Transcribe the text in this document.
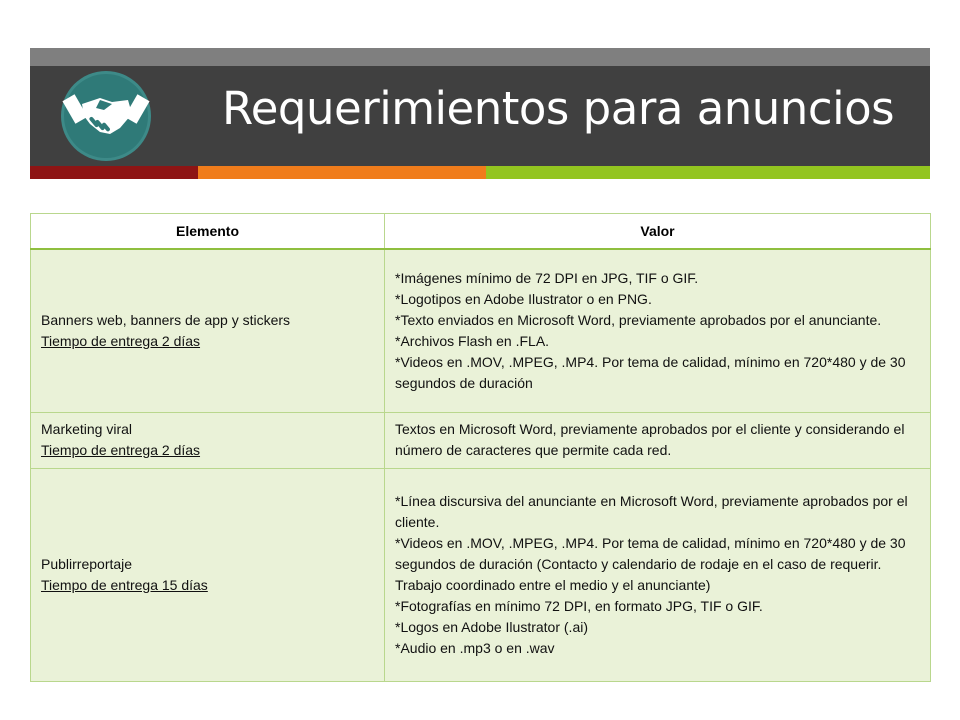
Requerimientos para anuncios
Elemento	Valor

Banners web, banners de app y stickers
Tiempo de entrega 2 días	*Imágenes mínimo de 72 DPI en JPG, TIF o GIF.
*Logotipos en Adobe Ilustrator o en PNG.
*Texto enviados en Microsoft Word, previamente aprobados por el anunciante.
*Archivos Flash en .FLA.
*Videos en .MOV, .MPEG, .MP4. Por tema de calidad, mínimo en 720*480 y de 30 segundos de duración

Marketing viral
Tiempo de entrega 2 días	Textos en Microsoft Word, previamente aprobados por el cliente y considerando el número de caracteres que permite cada red.

Publirreportaje
Tiempo de entrega 15 días	*Línea discursiva del anunciante en Microsoft Word, previamente aprobados por el cliente.
*Videos en .MOV, .MPEG, .MP4. Por tema de calidad, mínimo en 720*480 y de 30 segundos de duración (Contacto y calendario de rodaje en el caso de requerir. Trabajo coordinado entre el medio y el anunciante)
*Fotografías en mínimo 72 DPI, en formato JPG, TIF o GIF.
*Logos en Adobe Ilustrator (.ai)
*Audio en .mp3 o en .wav
